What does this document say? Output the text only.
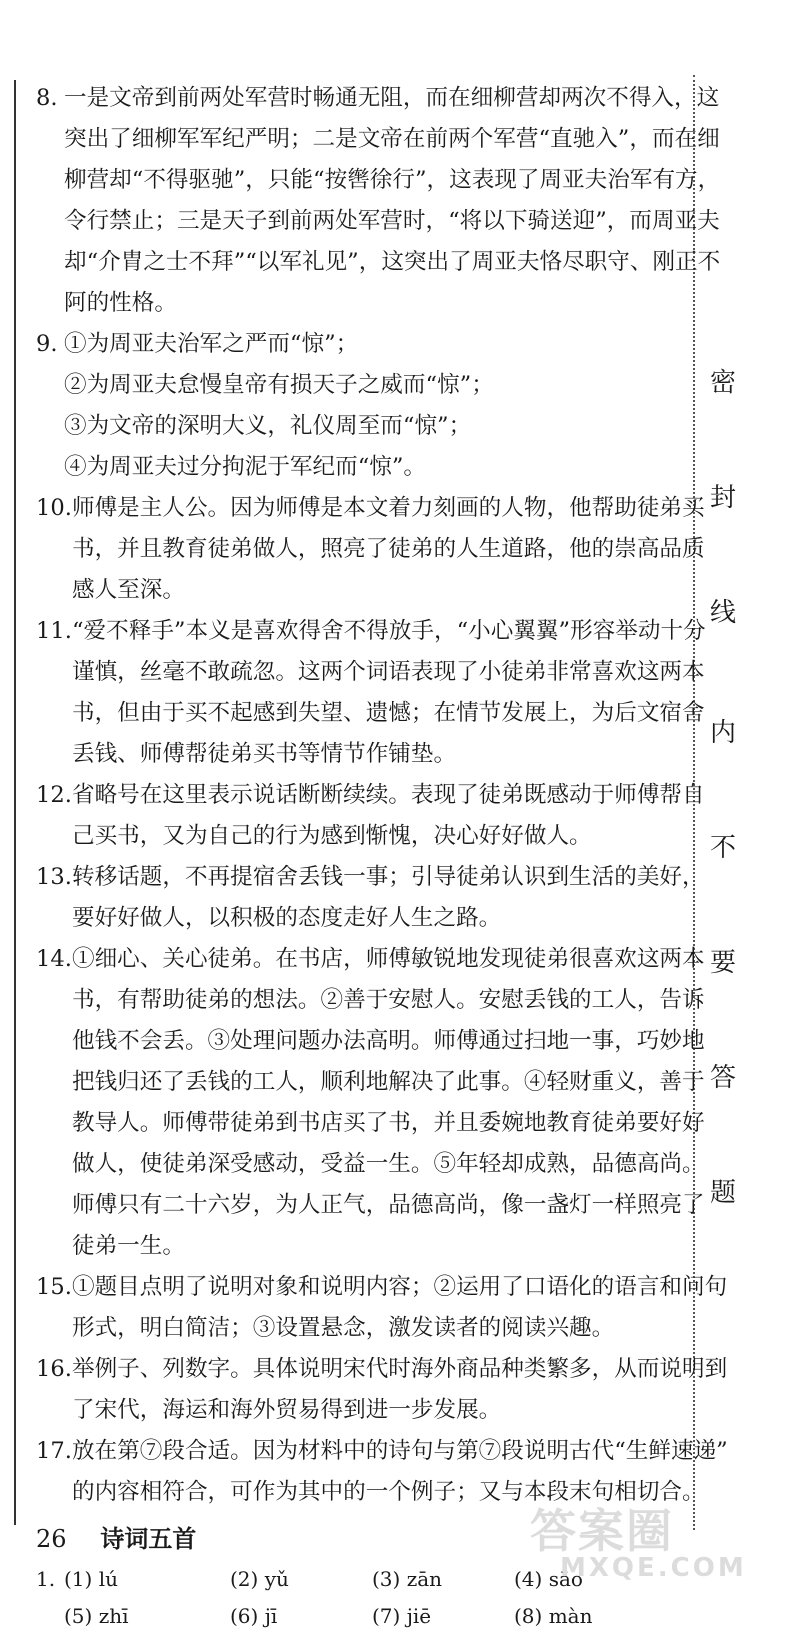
密
封
线
内
不
要
答
题
8. 一是文帝到前两处军营时畅通无阻，而在细柳营却两次不得入，这
突出了细柳军军纪严明；二是文帝在前两个军营“直驰入”，而在细
柳营却“不得驱驰”，只能“按辔徐行”，这表现了周亚夫治军有方，
令行禁止；三是天子到前两处军营时，“将以下骑送迎”，而周亚夫
却“介胄之士不拜”“以军礼见”，这突出了周亚夫恪尽职守、刚正不
阿的性格。
9. ①为周亚夫治军之严而“惊”；
②为周亚夫怠慢皇帝有损天子之威而“惊”；
③为文帝的深明大义，礼仪周至而“惊”；
④为周亚夫过分拘泥于军纪而“惊”。
10. 师傅是主人公。因为师傅是本文着力刻画的人物，他帮助徒弟买
书，并且教育徒弟做人，照亮了徒弟的人生道路，他的崇高品质
感人至深。
11. “爱不释手”本义是喜欢得舍不得放手，“小心翼翼”形容举动十分
谨慎，丝毫不敢疏忽。这两个词语表现了小徒弟非常喜欢这两本
书，但由于买不起感到失望、遗憾；在情节发展上，为后文宿舍
丢钱、师傅帮徒弟买书等情节作铺垫。
12. 省略号在这里表示说话断断续续。表现了徒弟既感动于师傅帮自
己买书，又为自己的行为感到惭愧，决心好好做人。
13. 转移话题，不再提宿舍丢钱一事；引导徒弟认识到生活的美好，
要好好做人，以积极的态度走好人生之路。
14. ①细心、关心徒弟。在书店，师傅敏锐地发现徒弟很喜欢这两本
书，有帮助徒弟的想法。②善于安慰人。安慰丢钱的工人，告诉
他钱不会丢。③处理问题办法高明。师傅通过扫地一事，巧妙地
把钱归还了丢钱的工人，顺利地解决了此事。④轻财重义，善于
教导人。师傅带徒弟到书店买了书，并且委婉地教育徒弟要好好
做人，使徒弟深受感动，受益一生。⑤年轻却成熟，品德高尚。
师傅只有二十六岁，为人正气，品德高尚，像一盏灯一样照亮了
徒弟一生。
15. ①题目点明了说明对象和说明内容；②运用了口语化的语言和问句
形式，明白简洁；③设置悬念，激发读者的阅读兴趣。
16. 举例子、列数字。具体说明宋代时海外商品种类繁多，从而说明到
了宋代，海运和海外贸易得到进一步发展。
17. 放在第⑦段合适。因为材料中的诗句与第⑦段说明古代“生鲜速递”
的内容相符合，可作为其中的一个例子；又与本段末句相切合。
26 诗词五首
1. (1) lú	(2) yǔ	(3) zān	(4) sāo
(5) zhī	(6) jī	(7) jiē	(8) màn
答案圈
MXQE.COM
